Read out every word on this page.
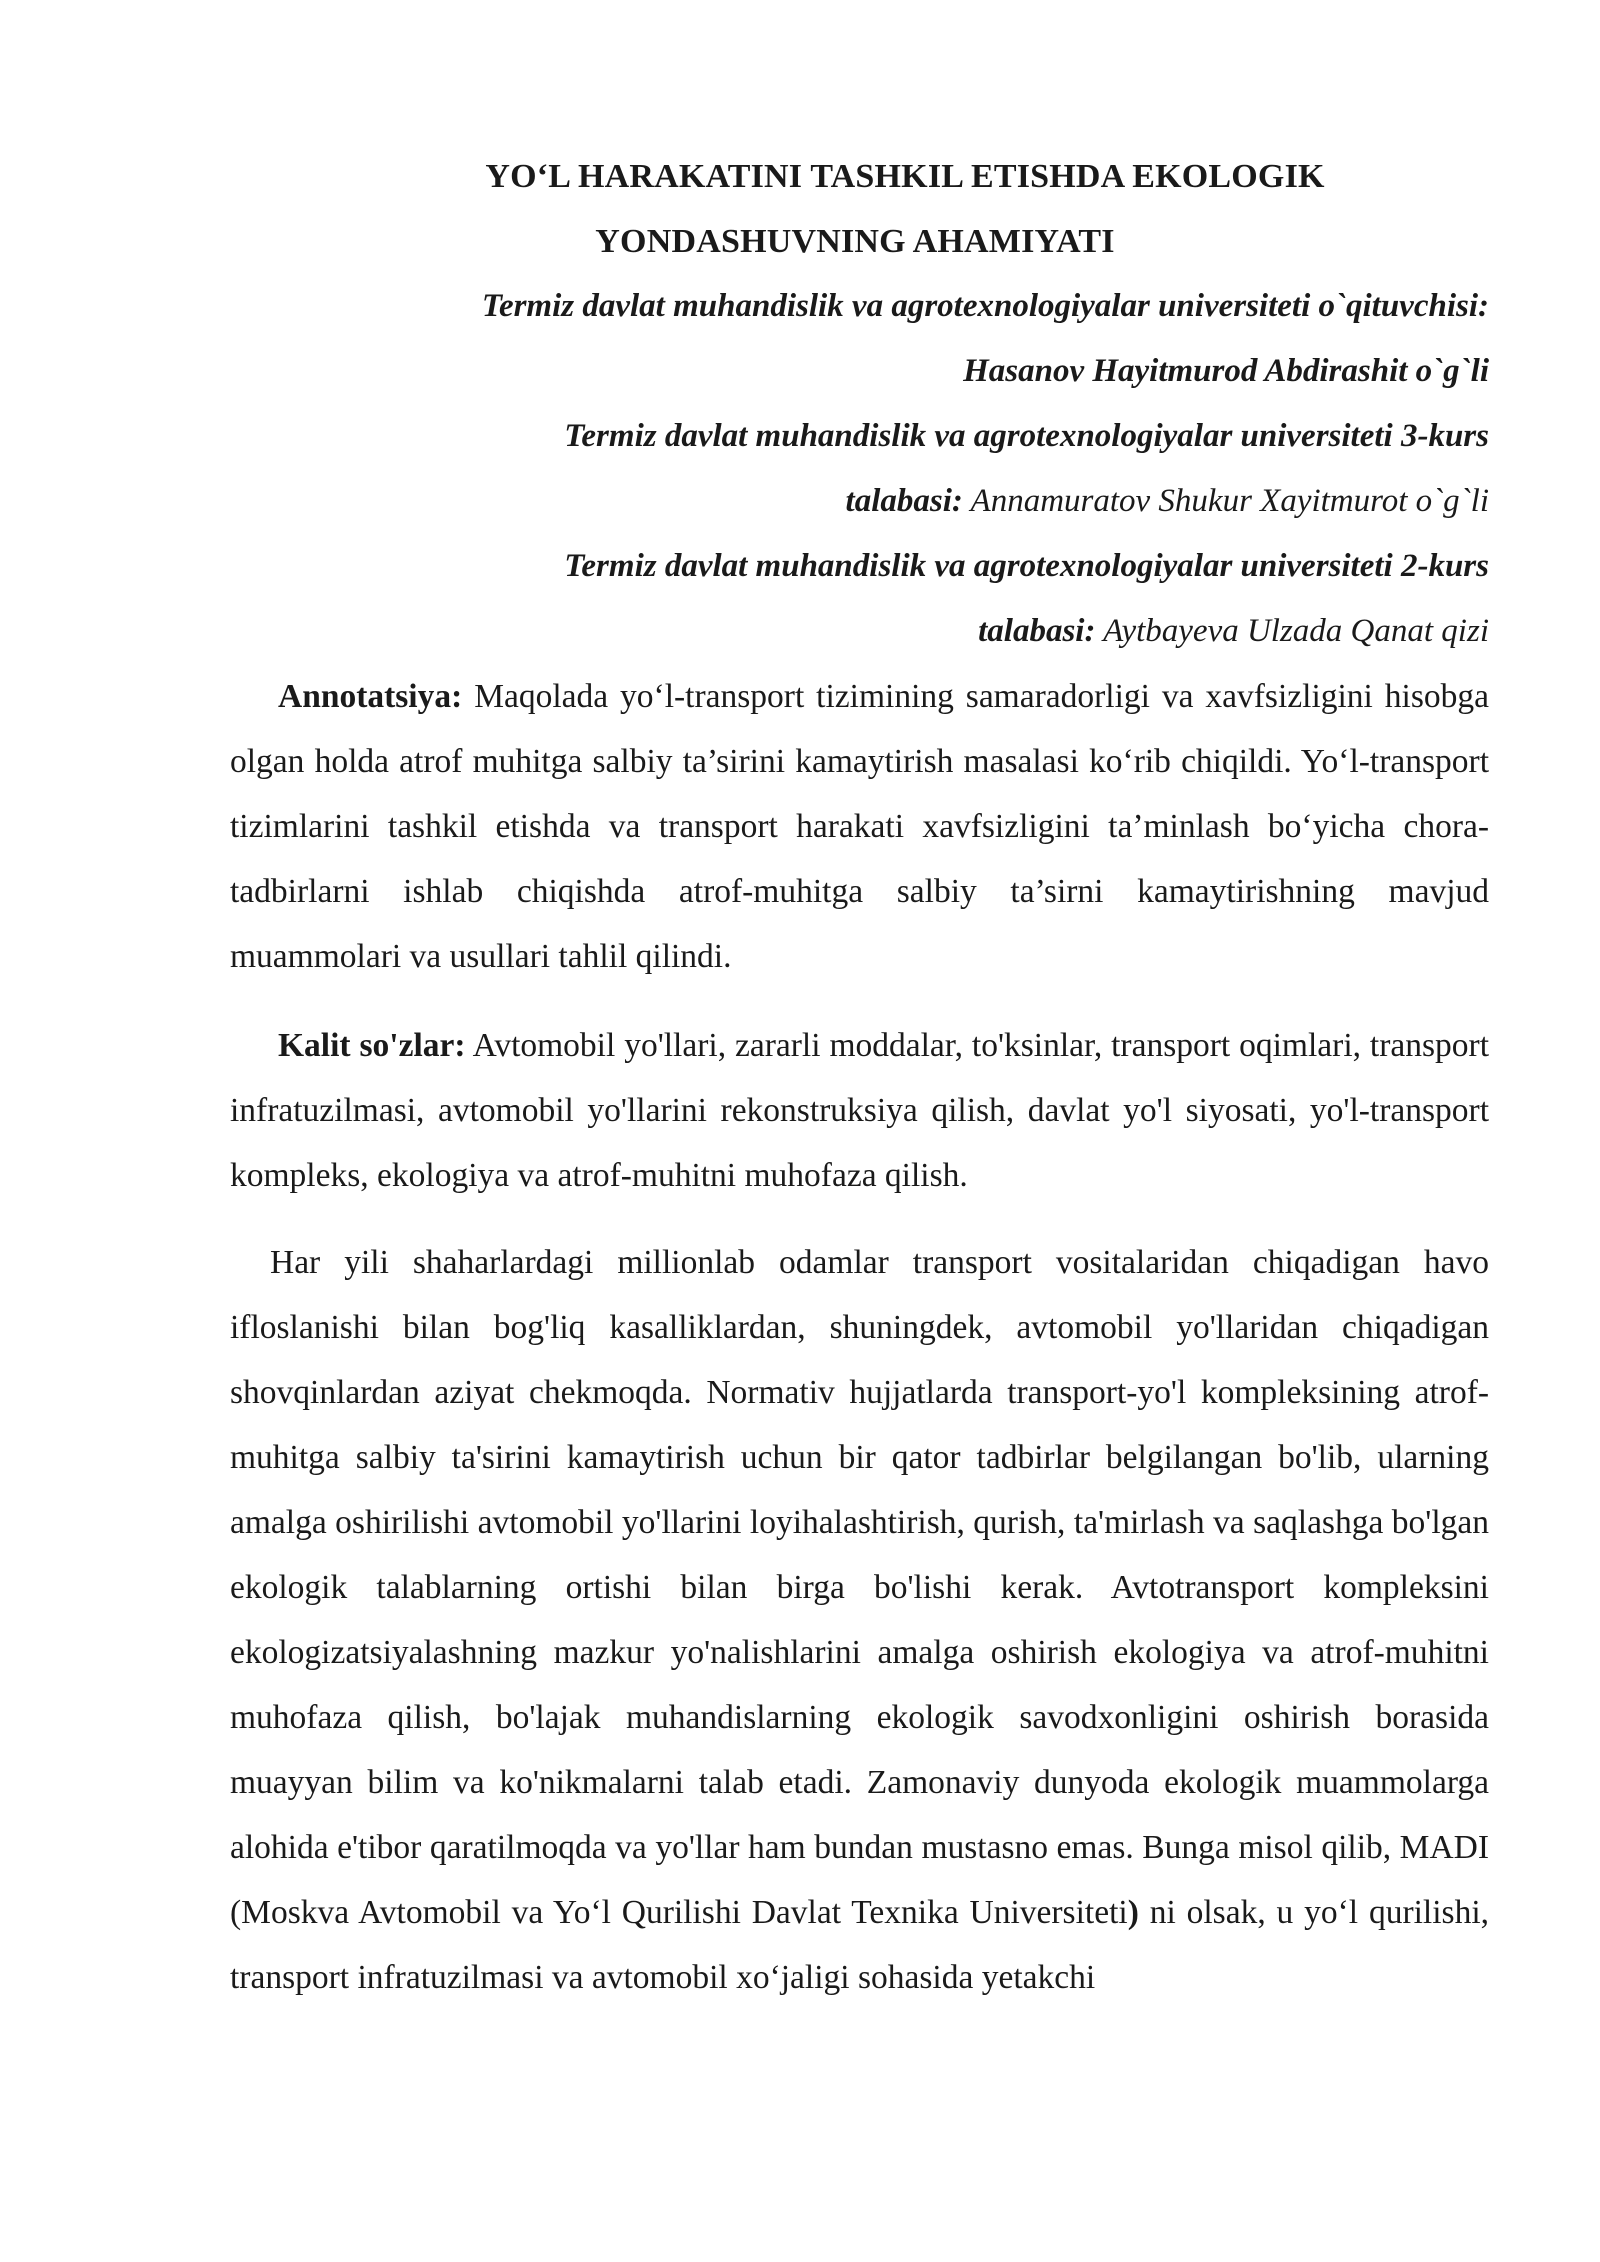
YO‘L HARAKATINI TASHKIL ETISHDA EKOLOGIK
YONDASHUVNING AHAMIYATI
Termiz davlat muhandislik va agrotexnologiyalar universiteti o`qituvchisi:
Hasanov Hayitmurod Abdirashit o`g`li
Termiz davlat muhandislik va agrotexnologiyalar universiteti 3-kurs
talabasi: Annamuratov Shukur Xayitmurot o`g`li
Termiz davlat muhandislik va agrotexnologiyalar universiteti 2-kurs
talabasi: Aytbayeva Ulzada Qanat qizi
Annotatsiya: Maqolada yo‘l-transport tizimining samaradorligi va xavfsizligini hisobga olgan holda atrof muhitga salbiy ta’sirini kamaytirish masalasi ko‘rib chiqildi. Yo‘l-transport tizimlarini tashkil etishda va transport harakati xavfsizligini ta’minlash bo‘yicha chora-tadbirlarni ishlab chiqishda atrof-muhitga salbiy ta’sirni kamaytirishning mavjud muammolari va usullari tahlil qilindi.
Kalit so'zlar: Avtomobil yo'llari, zararli moddalar, to'ksinlar, transport oqimlari, transport infratuzilmasi, avtomobil yo'llarini rekonstruksiya qilish, davlat yo'l siyosati, yo'l-transport kompleks, ekologiya va atrof-muhitni muhofaza qilish.
Har yili shaharlardagi millionlab odamlar transport vositalaridan chiqadigan havo ifloslanishi bilan bog'liq kasalliklardan, shuningdek, avtomobil yo'llaridan chiqadigan shovqinlardan aziyat chekmoqda. Normativ hujjatlarda transport-yo'l kompleksining atrof-muhitga salbiy ta'sirini kamaytirish uchun bir qator tadbirlar belgilangan bo'lib, ularning amalga oshirilishi avtomobil yo'llarini loyihalashtirish, qurish, ta'mirlash va saqlashga bo'lgan ekologik talablarning ortishi bilan birga bo'lishi kerak. Avtotransport kompleksini ekologizatsiyalashning mazkur yo'nalishlarini amalga oshirish ekologiya va atrof-muhitni muhofaza qilish, bo'lajak muhandislarning ekologik savodxonligini oshirish borasida muayyan bilim va ko'nikmalarni talab etadi. Zamonaviy dunyoda ekologik muammolarga alohida e'tibor qaratilmoqda va yo'llar ham bundan mustasno emas. Bunga misol qilib, MADI (Moskva Avtomobil va Yo‘l Qurilishi Davlat Texnika Universiteti) ni olsak, u yo‘l qurilishi, transport infratuzilmasi va avtomobil xo‘jaligi sohasida yetakchi
